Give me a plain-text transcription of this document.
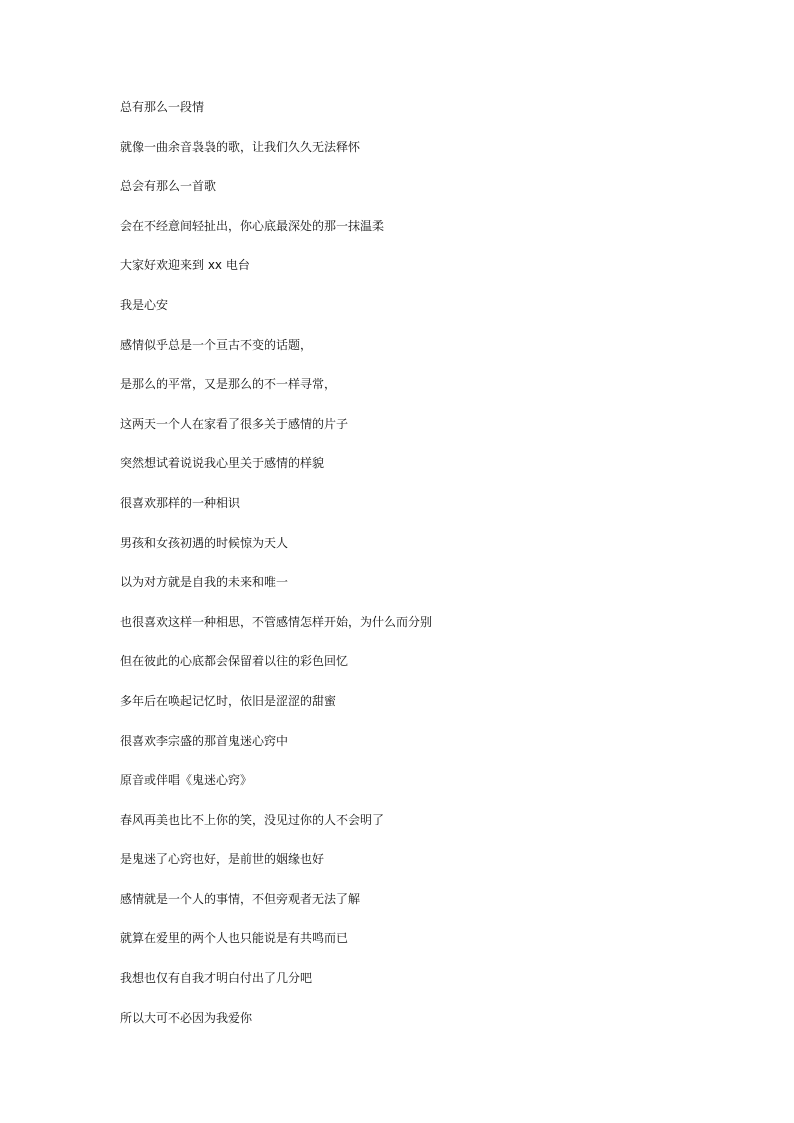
总有那么一段情
就像一曲余音袅袅的歌，让我们久久无法释怀
总会有那么一首歌
会在不经意间轻扯出，你心底最深处的那一抹温柔
大家好欢迎来到 xx 电台
我是心安
感情似乎总是一个亘古不变的话题，
是那么的平常，又是那么的不一样寻常，
这两天一个人在家看了很多关于感情的片子
突然想试着说说我心里关于感情的样貌
很喜欢那样的一种相识
男孩和女孩初遇的时候惊为天人
以为对方就是自我的未来和唯一
也很喜欢这样一种相思，不管感情怎样开始，为什么而分别
但在彼此的心底都会保留着以往的彩色回忆
多年后在唤起记忆时，依旧是涩涩的甜蜜
很喜欢李宗盛的那首鬼迷心窍中
原音或伴唱《鬼迷心窍》
春风再美也比不上你的笑，没见过你的人不会明了
是鬼迷了心窍也好，是前世的姻缘也好
感情就是一个人的事情，不但旁观者无法了解
就算在爱里的两个人也只能说是有共鸣而已
我想也仅有自我才明白付出了几分吧
所以大可不必因为我爱你
